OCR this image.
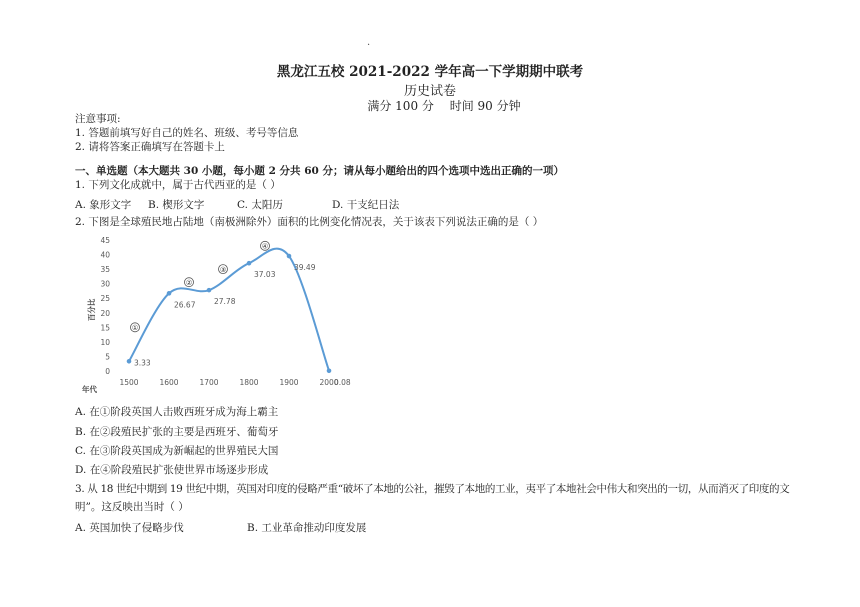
·
黑龙江五校 2021-2022 学年高一下学期期中联考
历史试卷
满分 100 分 时间 90 分钟
注意事项:
1. 答题前填写好自己的姓名、班级、考号等信息
2. 请将答案正确填写在答题卡上
一、单选题（本大题共 30 小题，每小题 2 分共 60 分；请从每小题给出的四个选项中选出正确的一项）
1. 下列文化成就中，属于古代西亚的是（ ）
A. 象形文字 B. 楔形文字	C. 太阳历	D. 干支纪日法
2. 下图是全球殖民地占陆地（南极洲除外）面积的比例变化情况表，关于该表下列说法正确的是（ ）
0
5
10
15
20
25
30
35
40
45
1500	1600	1700	1800	1900	2000
年代
百分比
3.33
26.67 27.78
37.03
39.49
0.08
①
②
③
④
A. 在①阶段英国人击败西班牙成为海上霸主
B. 在②段殖民扩张的主要是西班牙、葡萄牙
C. 在③阶段英国成为新崛起的世界殖民大国
D. 在④阶段殖民扩张使世界市场逐步形成
3. 从 18 世纪中期到 19 世纪中期，英国对印度的侵略严重“破坏了本地的公社，摧毁了本地的工业，夷平了本地社会中伟大和突出的一切，从而消灭了印度的文
明”。这反映出当时（ ）
A. 英国加快了侵略步伐	B. 工业革命推动印度发展
